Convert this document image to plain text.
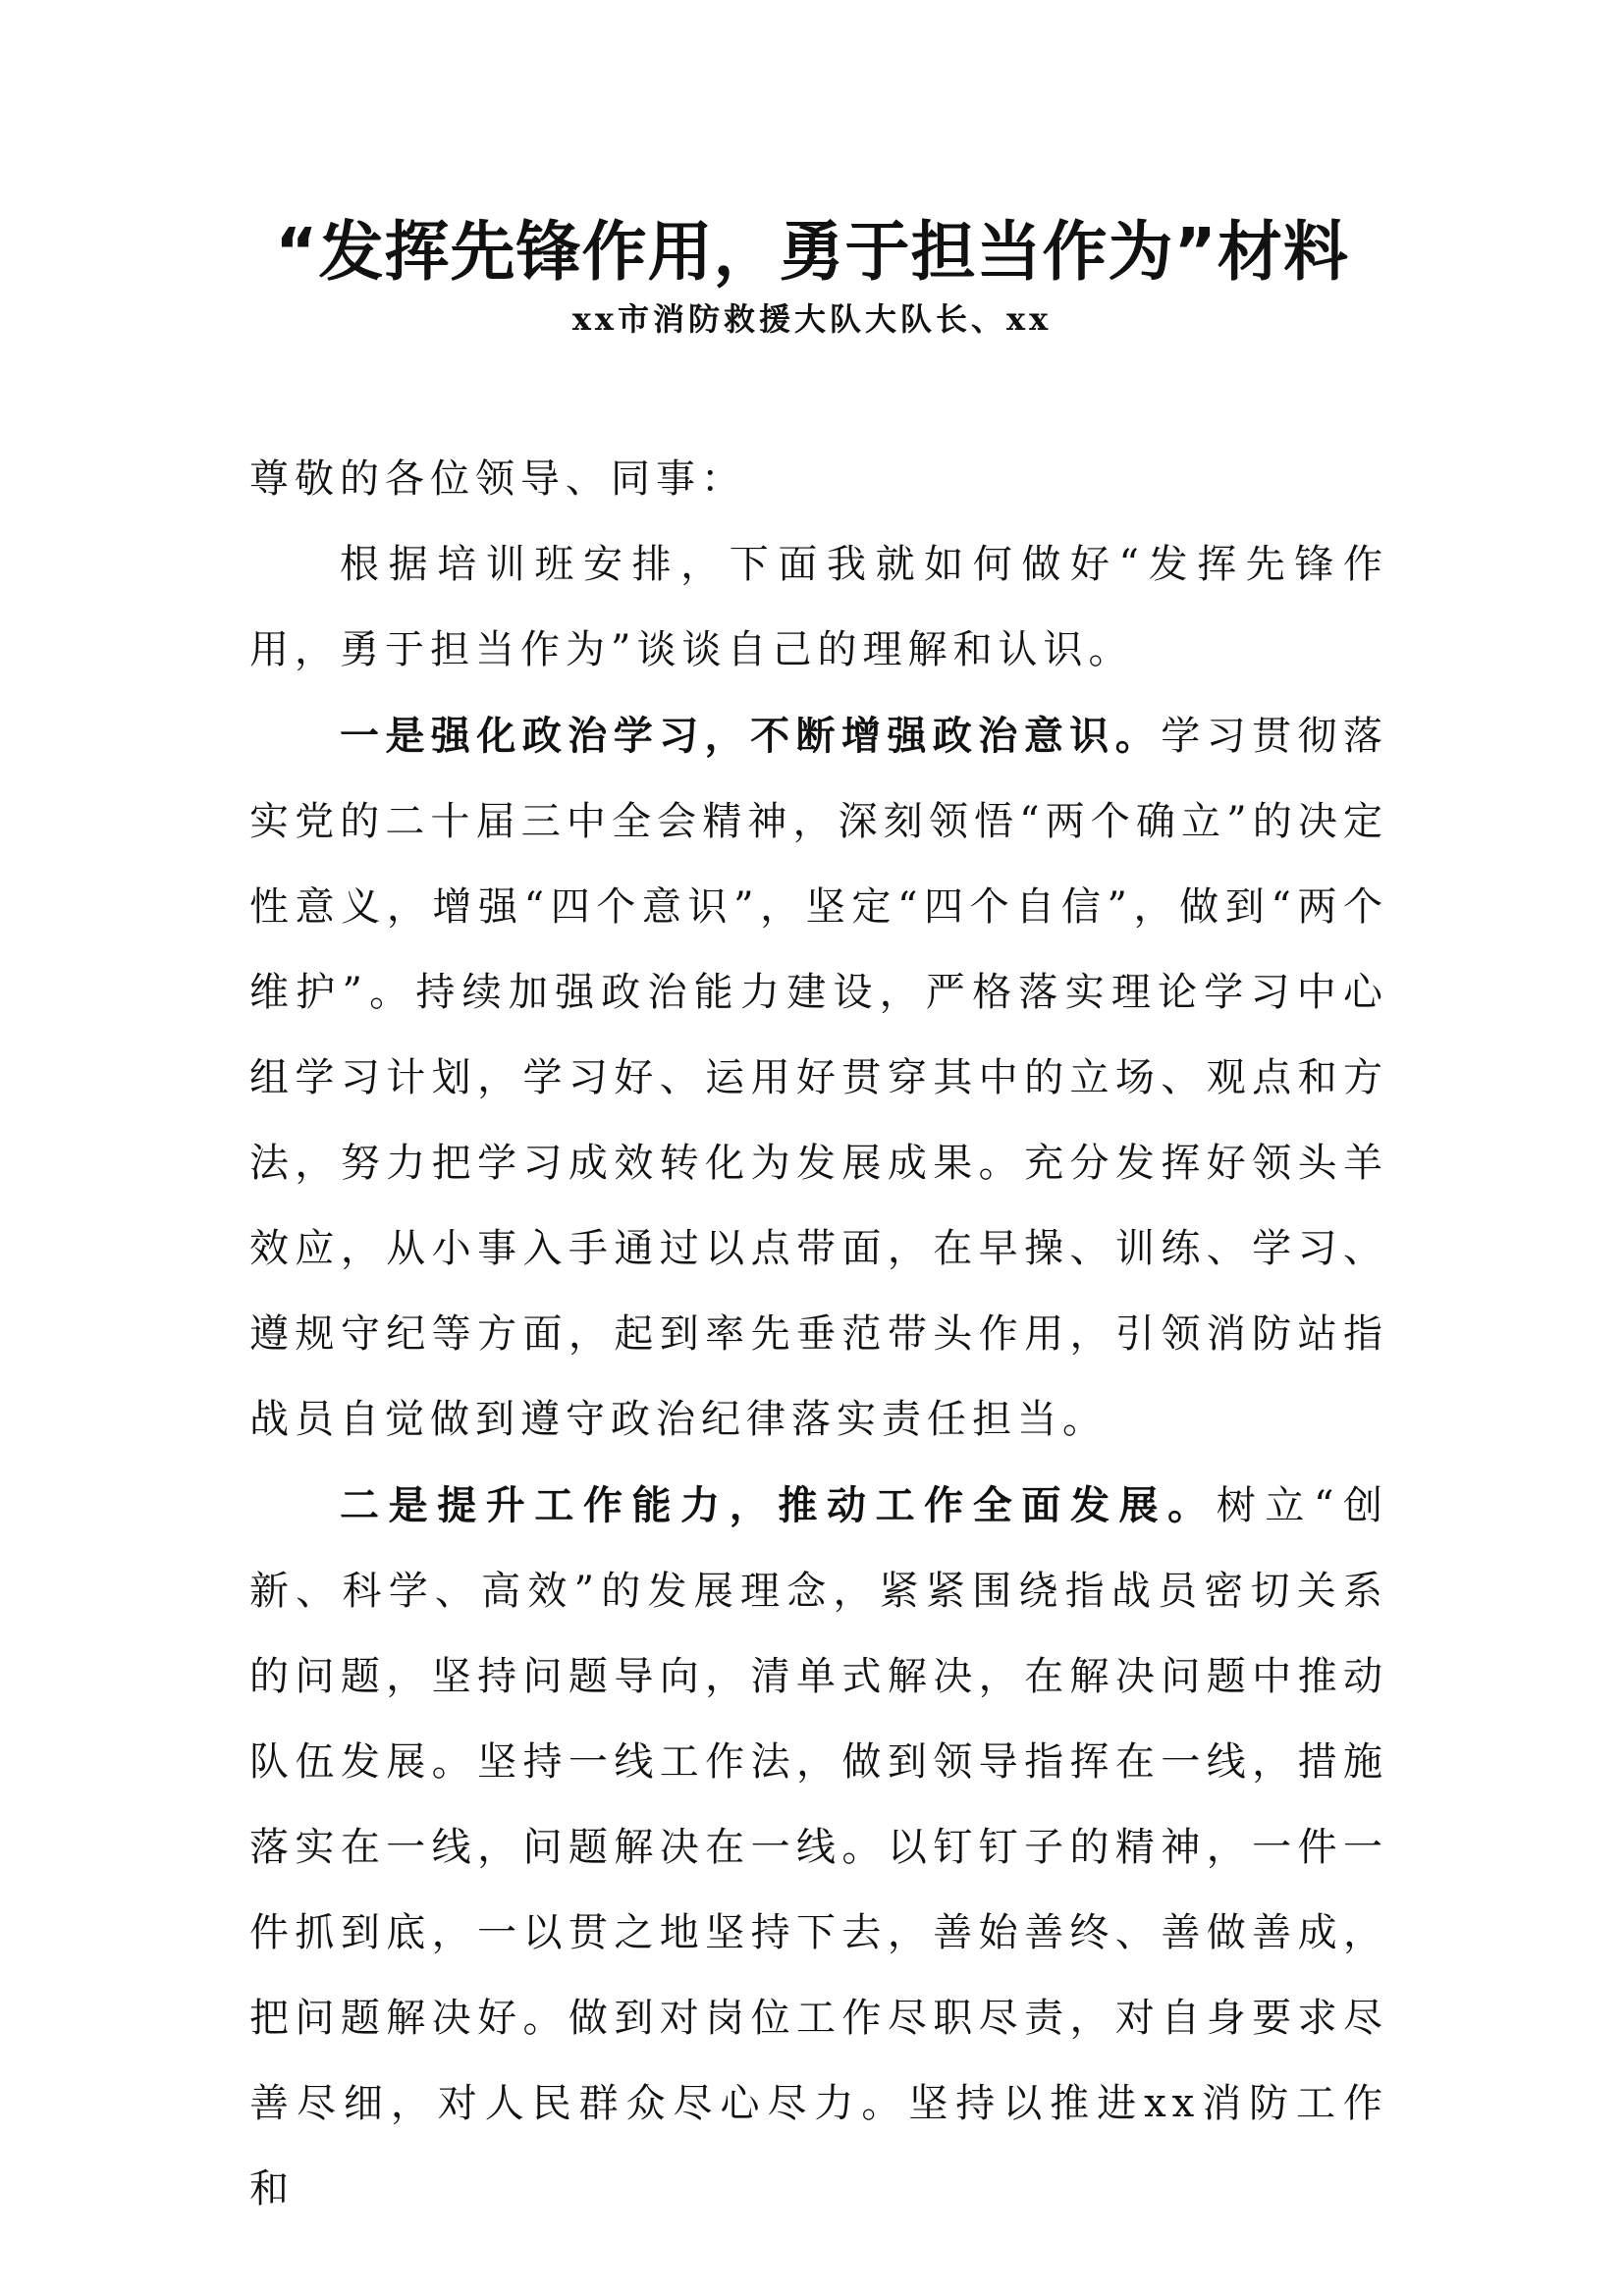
“发挥先锋作用，勇于担当作为”材料
xx市消防救援大队大队长、xx

尊敬的各位领导、同事：

根据培训班安排，下面我就如何做好“发挥先锋作用，勇于担当作为”谈谈自己的理解和认识。

一是强化政治学习，不断增强政治意识。学习贯彻落实党的二十届三中全会精神，深刻领悟“两个确立”的决定性意义，增强“四个意识”，坚定“四个自信”，做到“两个维护”。持续加强政治能力建设，严格落实理论学习中心组学习计划，学习好、运用好贯穿其中的立场、观点和方法，努力把学习成效转化为发展成果。充分发挥好领头羊效应，从小事入手通过以点带面，在早操、训练、学习、遵规守纪等方面，起到率先垂范带头作用，引领消防站指战员自觉做到遵守政治纪律落实责任担当。

二是提升工作能力，推动工作全面发展。树立“创新、科学、高效”的发展理念，紧紧围绕指战员密切关系的问题，坚持问题导向，清单式解决，在解决问题中推动队伍发展。坚持一线工作法，做到领导指挥在一线，措施落实在一线，问题解决在一线。以钉钉子的精神，一件一件抓到底，一以贯之地坚持下去，善始善终、善做善成，把问题解决好。做到对岗位工作尽职尽责，对自身要求尽善尽细，对人民群众尽心尽力。坚持以推进xx消防工作和
